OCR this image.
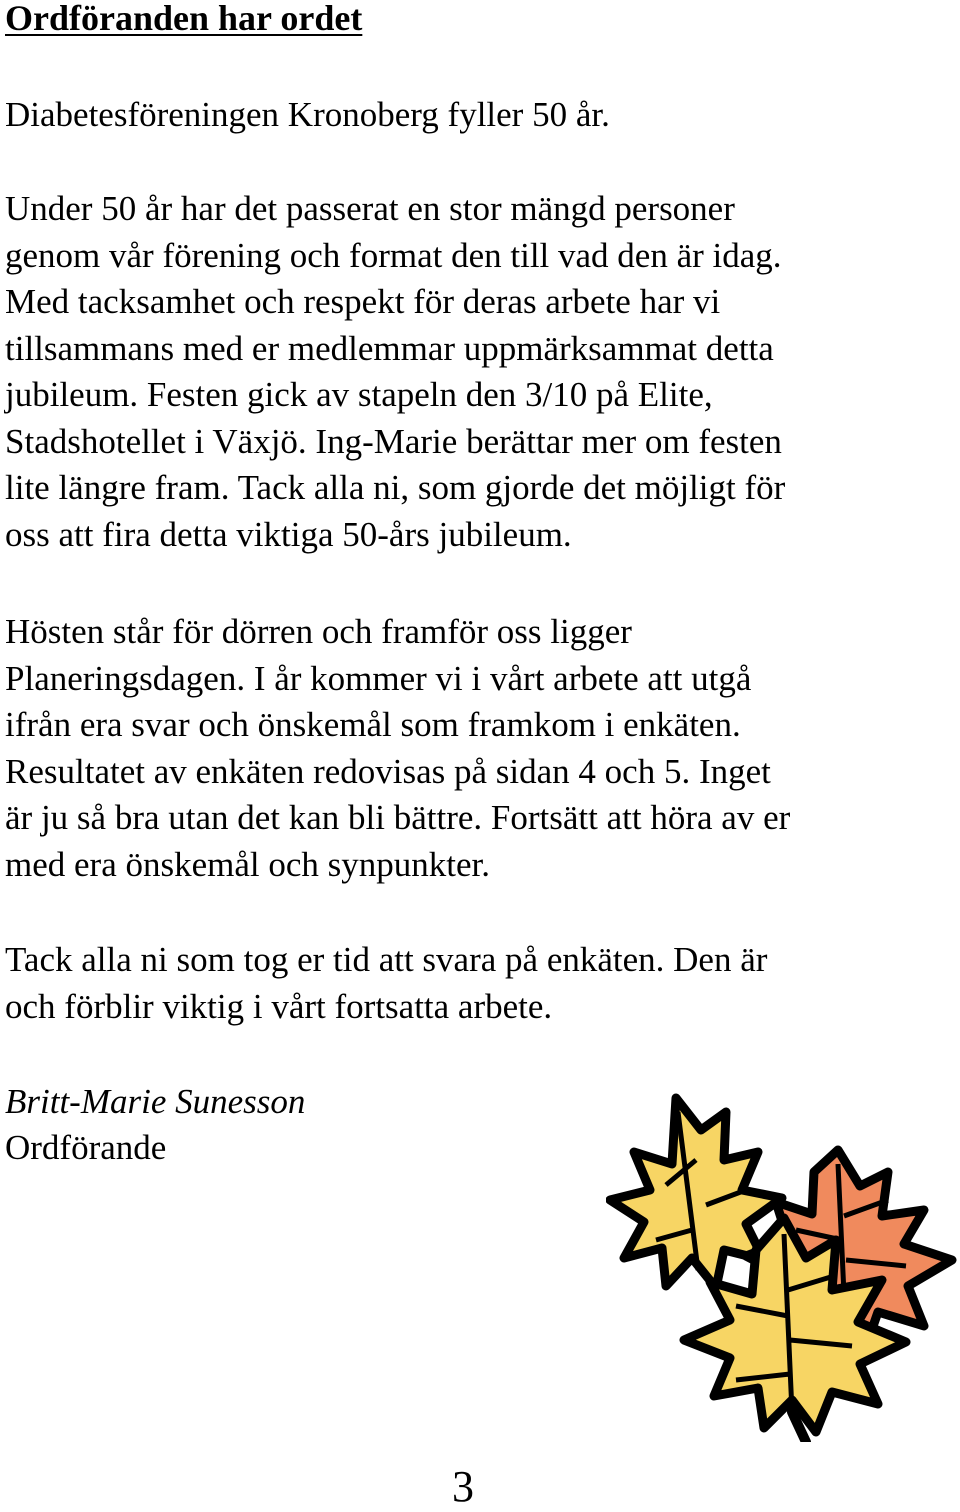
Ordföranden har ordet

Diabetesföreningen Kronoberg fyller 50 år.

Under 50 år har det passerat en stor mängd personer
genom vår förening och format den till vad den är idag.
Med tacksamhet och respekt för deras arbete har vi
tillsammans med er medlemmar uppmärksammat detta
jubileum. Festen gick av stapeln den 3/10 på Elite,
Stadshotellet i Växjö. Ing-Marie berättar mer om festen
lite längre fram. Tack alla ni, som gjorde det möjligt för
oss att fira detta viktiga 50-års jubileum.

Hösten står för dörren och framför oss ligger
Planeringsdagen. I år kommer vi i vårt arbete att utgå
ifrån era svar och önskemål som framkom i enkäten.
Resultatet av enkäten redovisas på sidan 4 och 5. Inget
är ju så bra utan det kan bli bättre. Fortsätt att höra av er
med era önskemål och synpunkter.

Tack alla ni som tog er tid att svara på enkäten. Den är
och förblir viktig i vårt fortsatta arbete.

Britt-Marie Sunesson

Ordförande

3
